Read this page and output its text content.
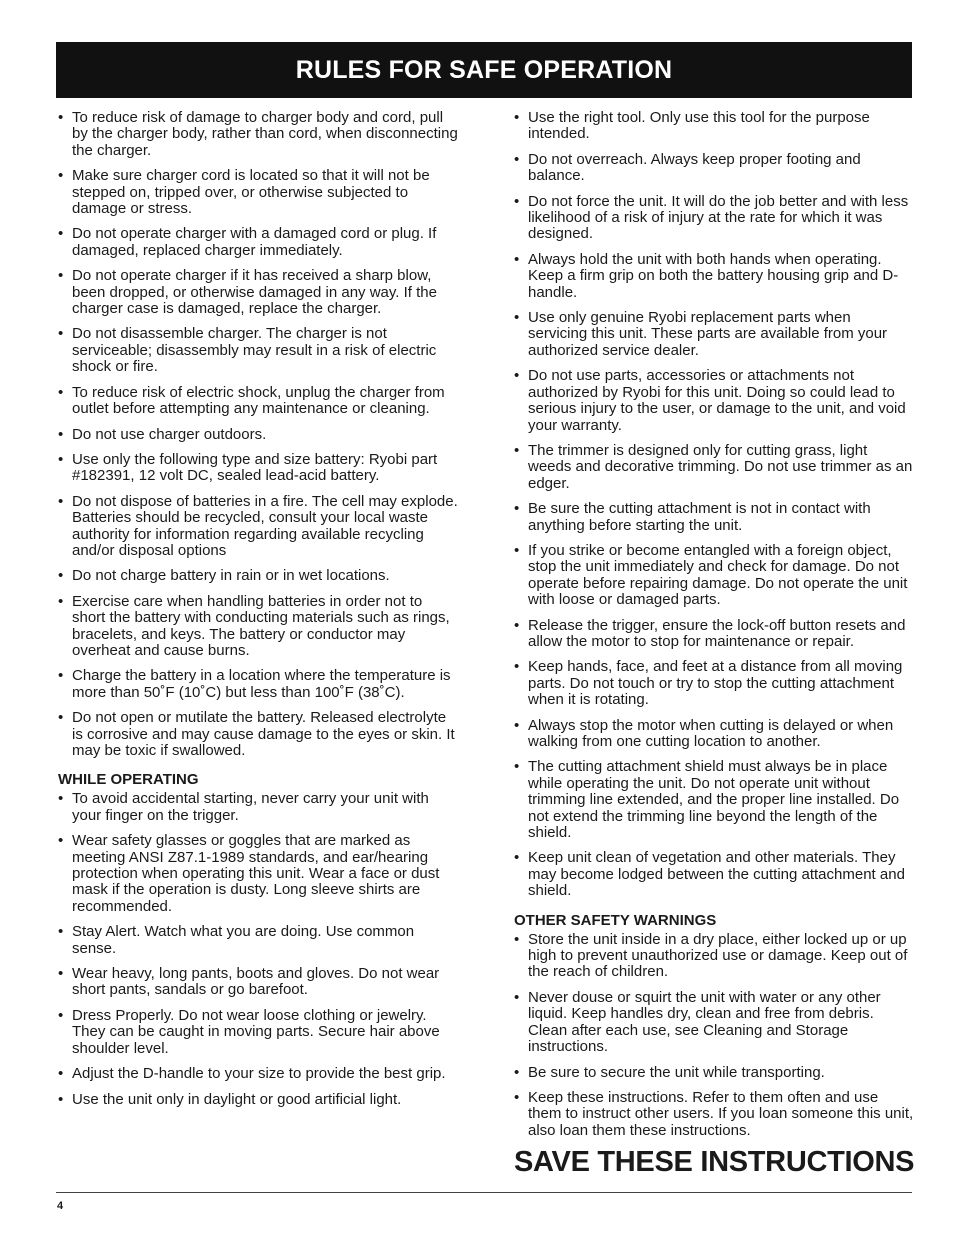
RULES FOR SAFE OPERATION
• To reduce risk of damage to charger body and cord, pull by the charger body, rather than cord, when disconnecting the charger.
• Make sure charger cord is located so that it will not be stepped on, tripped over, or otherwise subjected to damage or stress.
• Do not operate charger with a damaged cord or plug. If damaged, replaced charger immediately.
• Do not operate charger if it has received a sharp blow, been dropped, or otherwise damaged in any way. If the charger case is damaged, replace the charger.
• Do not disassemble charger. The charger is not serviceable; disassembly may result in a risk of electric shock or fire.
• To reduce risk of electric shock, unplug the charger from outlet before attempting any maintenance or cleaning.
• Do not use charger outdoors.
• Use only the following type and size battery: Ryobi part #182391, 12 volt DC, sealed lead-acid battery.
• Do not dispose of batteries in a fire. The cell may explode. Batteries should be recycled, consult your local waste authority for information regarding available recycling and/or disposal options
• Do not charge battery in rain or in wet locations.
• Exercise care when handling batteries in order not to short the battery with conducting materials such as rings, bracelets, and keys. The battery or conductor may overheat and cause burns.
• Charge the battery in a location where the temperature is more than 50˚F (10˚C) but less than 100˚F (38˚C).
• Do not open or mutilate the battery. Released electrolyte is corrosive and may cause damage to the eyes or skin. It may be toxic if swallowed.
WHILE OPERATING
• To avoid accidental starting, never carry your unit with your finger on the trigger.
• Wear safety glasses or goggles that are marked as meeting ANSI Z87.1-1989 standards, and ear/hearing protection when operating this unit. Wear a face or dust mask if the operation is dusty. Long sleeve shirts are recommended.
• Stay Alert. Watch what you are doing. Use common sense.
• Wear heavy, long pants, boots and gloves. Do not wear short pants, sandals or go barefoot.
• Dress Properly. Do not wear loose clothing or jewelry. They can be caught in moving parts. Secure hair above shoulder level.
• Adjust the D-handle to your size to provide the best grip.
• Use the unit only in daylight or good artificial light.
• Use the right tool. Only use this tool for the purpose intended.
• Do not overreach. Always keep proper footing and balance.
• Do not force the unit. It will do the job better and with less likelihood of a risk of injury at the rate for which it was designed.
• Always hold the unit with both hands when operating. Keep a firm grip on both the battery housing grip and D-handle.
• Use only genuine Ryobi replacement parts when servicing this unit. These parts are available from your authorized service dealer.
• Do not use parts, accessories or attachments not authorized by Ryobi for this unit. Doing so could lead to serious injury to the user, or damage to the unit, and void your warranty.
• The trimmer is designed only for cutting grass, light weeds and decorative trimming. Do not use trimmer as an edger.
• Be sure the cutting attachment is not in contact with anything before starting the unit.
• If you strike or become entangled with a foreign object, stop the unit immediately and check for damage. Do not operate before repairing damage. Do not operate the unit with loose or damaged parts.
• Release the trigger, ensure the lock-off button resets and allow the motor to stop for maintenance or repair.
• Keep hands, face, and feet at a distance from all moving parts. Do not touch or try to stop the cutting attachment when it is rotating.
• Always stop the motor when cutting is delayed or when walking from one cutting location to another.
• The cutting attachment shield must always be in place while operating the unit. Do not operate unit without trimming line extended, and the proper line installed. Do not extend the trimming line beyond the length of the shield.
• Keep unit clean of vegetation and other materials. They may become lodged between the cutting attachment and shield.
OTHER SAFETY WARNINGS
• Store the unit inside in a dry place, either locked up or up high to prevent unauthorized use or damage. Keep out of the reach of children.
• Never douse or squirt the unit with water or any other liquid. Keep handles dry, clean and free from debris. Clean after each use, see Cleaning and Storage instructions.
• Be sure to secure the unit while transporting.
• Keep these instructions. Refer to them often and use them to instruct other users. If you loan someone this unit, also loan them these instructions.
SAVE THESE INSTRUCTIONS
4
